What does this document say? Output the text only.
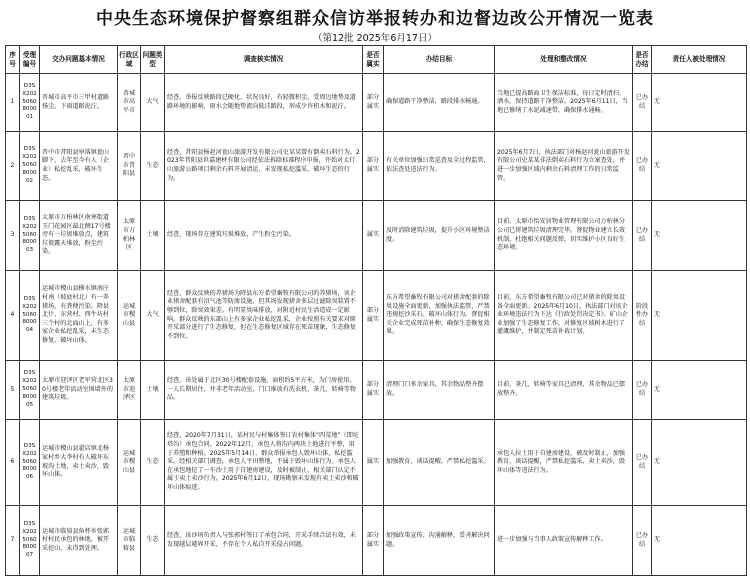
中央生态环境保护督察组群众信访举报转办和边督边改公开情况一览表
（第12批 2025年6月17日）
序号	受理编号	交办问题基本情况	行政区域	问题类型	调查核实情况	是否属实	办结目标	处理和整改情况	是否办结	责任人被处理情况
1	D3SX2025060800001	晋城市高平市三甲村道路扬尘，下雨道路泥泞。	晋城市高平市	大气	经查，举报反映路段已硬化，状况良好，有轻微积尘。受周边地势及道路环境的影响，雨水会随地势流向低洼路段，形成少许积水和泥泞。	部分属实	确保道路干净整洁，路段排水畅通。	当地已提高路面卫生保洁标准，每日定时清扫、洒水，保持道路干净整洁。2025年6月11日，当地已修缮了水泥减速带，确保排水通畅。	已办结	无
2	D3SX2025060800002	晋中市昔阳县皋落镇瓮山脚下，去年至今有人（企业）私挖乱采，破坏生态。	晋中市昔阳县	生态	经查，昔阳县杨赵河瓮山旅游开发有限公司史某某曾有倒卖石料行为。2023年昔阳县世嘉建材有限公司经依法拆除标准程序申报，开始对太行山旅游公路项目剩余石料开展清运，未发现私挖滥采、破坏生态的行为。	部分属实	有关单位加强日常巡查及全过程监管，依法查处违法行为。	2025年6月7日，执法部门对杨赵河瓮山旅游开发有限公司史某某非法倒卖石料行为立案查处，并进一步加强区域内剩余石料清理工作的日常监管。	已办结	无
3	D3SX2025060800003	太原市万柏林区南寒街道玉门花园区最北侧17号楼旁有一垃圾堆放点，建筑垃圾露天堆放，粉尘污染。	太原市万柏林区	土壤	经查，现场存在建筑垃圾堆放，产生粉尘污染。	属实	及时消除建筑垃圾，提升小区环境整洁度。	目前，太原市怡安居物业管理有限公司万柏林分公司已将建筑垃圾清理完毕。督促物业建立长效机制，杜绝相关问题反弹，切实维护小区良好生态环境。	已办结	无
4	D3SX2025060800004	运城市稷山县横水镇南庄村南（坡底村北）有一养猪场，有粪便污染。降县北什、东营村、西牛坊村三个村的北面山上，有多家企业私挖乱采，未生态修复，破坏山体。	运城市稷山县	大气	经查，群众反映的养猪场为降县东方希望畜牧有限公司的养猪场，该企业猪舍配套有沼气池等防渗设施，但其场发现猪舍多层过滤除臭装置不够到位，除臭效果差。有明显臭味排放，对附近村民生活造成一定影响。群众反映的东部山上有多家企业私挖乱采，企业按照有关要求对原开采部分进行了生态修复，但在生态修复区域存在死苗现象，生态修复不到位。	部分属实	东方希望畜牧有限公司对猪舍配套的除臭设施全面更新，加强执法监管，严禁违规挖沙采石、破坏山体行为。督促相关企业完成死苗补种，确保生态修复效果。	目前，东方希望畜牧有限公司已对猪舍的除臭设备全面更新。2025年6月10日，执法部门对该企业环境违法行为下达《行政处罚决定书》。矿山企业加强了生态修复工作，对修复区域树木进行了灌溉维护，并制定死苗补栽计划。	阶段性办结	无
5	D3SX2025060800005	太原市迎泽区老军营北区30号楼老年活动室围墙外的建筑垃圾。	太原市迎泽区	土壤	经查，该处属于北区30号楼配套设施，面积约5平方米，为门房使用，一人长期居住，并非老年活动室，门口堆放有洗衣机、茶几、转椅等物品。	部分属实	清理门口多余家具，其余物品整齐摆放。	目前，茶几、转椅等家具已清理，其余物品已摆放整齐。	已办结	无
6	D3SX2025060800006	运城市稷山县翟店镇北杨家村乡大李村有人破坏东坡沟土地，卖土卖沙，毁坏山体。	运城市稷山县	生态	经查，2020年7月31日，某村民与村集体签订农村集体“四荒地”（即坨塔沟）承包合同。2022年12月，承包人将沟内两块土地进行平整，用于养殖和种植。2025年5月14日，群众举报承包人毁坏山体，私挖滥采。经相关部门调查，承包人平田整地，不属于毁坏山体行为。承包人在承包地挖了一车沙土用于自建房建设，及时被制止，相关部门认定不属于卖土卖沙行为。2025年6月12日，现场勘察未发现有卖土卖沙和破坏山体痕迹。	属实	加强教育，谈话提醒，严禁私挖滥采。	承包人拉土用于自建房建设，被及时制止，加强教育，谈话提醒，严禁私挖滥采，卖土卖沙，毁坏山体等违法行为。	已办结	无
7	D3SX2025060800007	运城市临猗县角杯乡张郭村村民承包的林地，被开采挖山，未得到处理。	运城市临猗县	生态	经查，该沙场负责人与张郭村签订了承包合同，开采手续合法有效，未发现越层越界开采，不存在个人私自开采侵占问题。	部分属实	加强政策宣传、沟通解释，妥善解决问题。	进一步加强与当事人政策宣传解释工作。	已办结	无
